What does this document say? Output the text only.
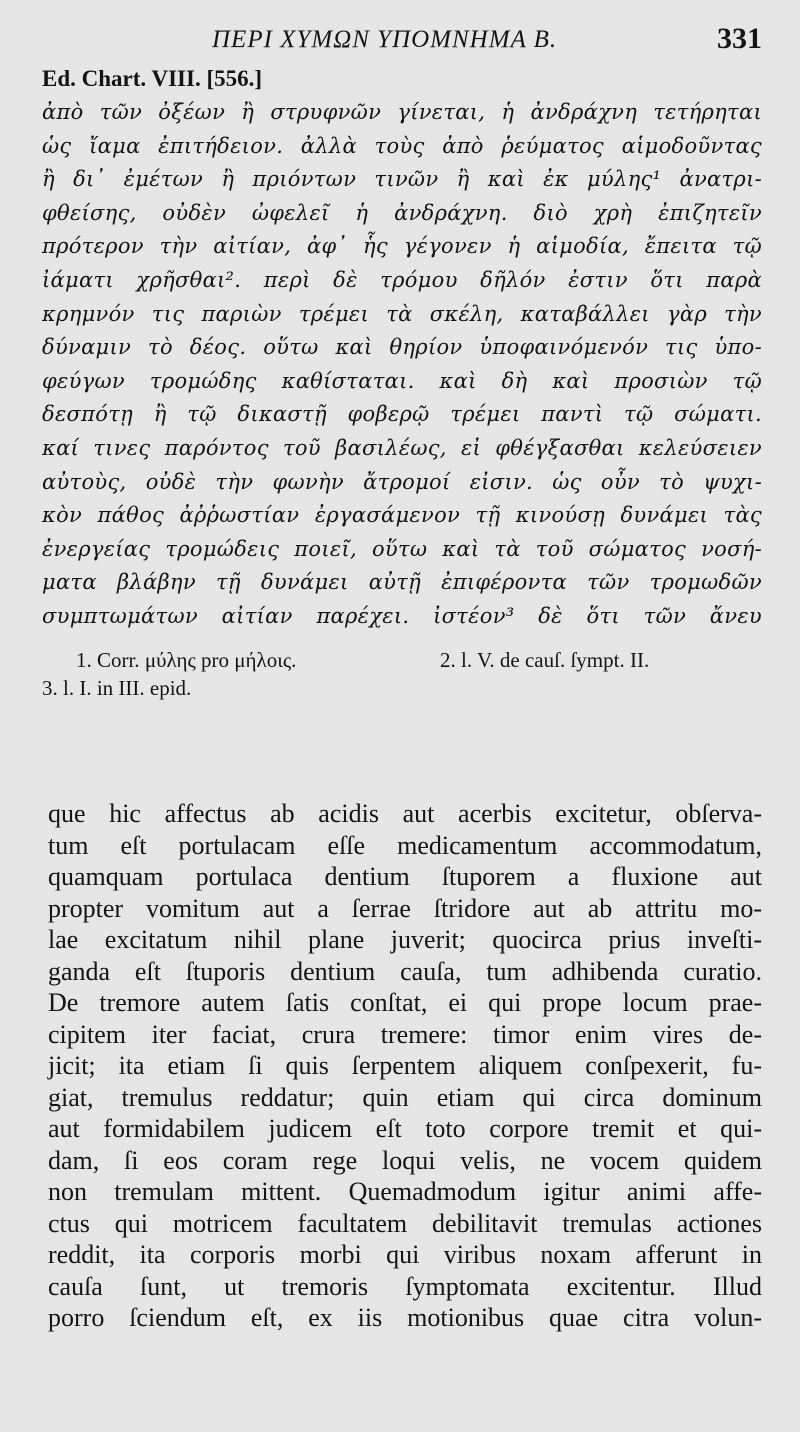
ΠΕΡΙ ΧΥΜΩΝ ΥΠΟΜΝΗΜΑ Β.	331
Ed. Chart. VIII. [556.]
ἀπὸ τῶν ὀξέων ἢ στρυφνῶν γίνεται, ἡ ἀνδράχνη τετήρηται
ὡς ἴαμα ἐπιτήδειον. ἀλλὰ τοὺς ἀπὸ ῥεύματος αἱμοδοῦντας
ἢ δι᾽ ἐμέτων ἢ πριόντων τινῶν ἢ καὶ ἐκ μύλης¹ ἀνατρι-
φθείσης, οὐδὲν ὠφελεῖ ἡ ἀνδράχνη. διὸ χρὴ ἐπιζητεῖν
πρότερον τὴν αἰτίαν, ἀφ᾽ ἧς γέγονεν ἡ αἱμοδία, ἔπειτα τῷ
ἰάματι χρῆσθαι². περὶ δὲ τρόμου δῆλόν ἐστιν ὅτι παρὰ
κρημνόν τις παριὼν τρέμει τὰ σκέλη, καταβάλλει γὰρ τὴν
δύναμιν τὸ δέος. οὕτω καὶ θηρίον ὑποφαινόμενόν τις ὑπο-
φεύγων τρομώδης καθίσταται. καὶ δὴ καὶ προσιὼν τῷ
δεσπότῃ ἢ τῷ δικαστῇ φοβερῷ τρέμει παντὶ τῷ σώματι.
καί τινες παρόντος τοῦ βασιλέως, εἰ φθέγξασθαι κελεύσειεν
αὐτοὺς, οὐδὲ τὴν φωνὴν ἄτρομοί εἰσιν. ὡς οὖν τὸ ψυχι-
κὸν πάθος ἀῤῥωστίαν ἐργασάμενον τῇ κινούσῃ δυνάμει τὰς
ἐνεργείας τρομώδεις ποιεῖ, οὕτω καὶ τὰ τοῦ σώματος νοσή-
ματα βλάβην τῇ δυνάμει αὐτῇ ἐπιφέροντα τῶν τρομωδῶν
συμπτωμάτων αἰτίαν παρέχει. ἰστέον³ δὲ ὅτι τῶν ἄνευ
1. Corr. μύλης pro μήλοις.	2. l. V. de cauſ. ſympt. II.
3. l. I. in III. epid.
que hic affectus ab acidis aut acerbis excitetur, obſerva-
tum eſt portulacam eſſe medicamentum accommodatum,
quamquam portulaca dentium ſtuporem a fluxione aut
propter vomitum aut a ſerrae ſtridore aut ab attritu mo-
lae excitatum nihil plane juverit; quocirca prius inveſti-
ganda eſt ſtuporis dentium cauſa, tum adhibenda curatio.
De tremore autem ſatis conſtat, ei qui prope locum prae-
cipitem iter faciat, crura tremere: timor enim vires de-
jicit; ita etiam ſi quis ſerpentem aliquem conſpexerit, fu-
giat, tremulus reddatur; quin etiam qui circa dominum
aut formidabilem judicem eſt toto corpore tremit et qui-
dam, ſi eos coram rege loqui velis, ne vocem quidem
non tremulam mittent. Quemadmodum igitur animi affe-
ctus qui motricem facultatem debilitavit tremulas actiones
reddit, ita corporis morbi qui viribus noxam afferunt in
cauſa ſunt, ut tremoris ſymptomata excitentur. Illud
porro ſciendum eſt, ex iis motionibus quae citra volun-
